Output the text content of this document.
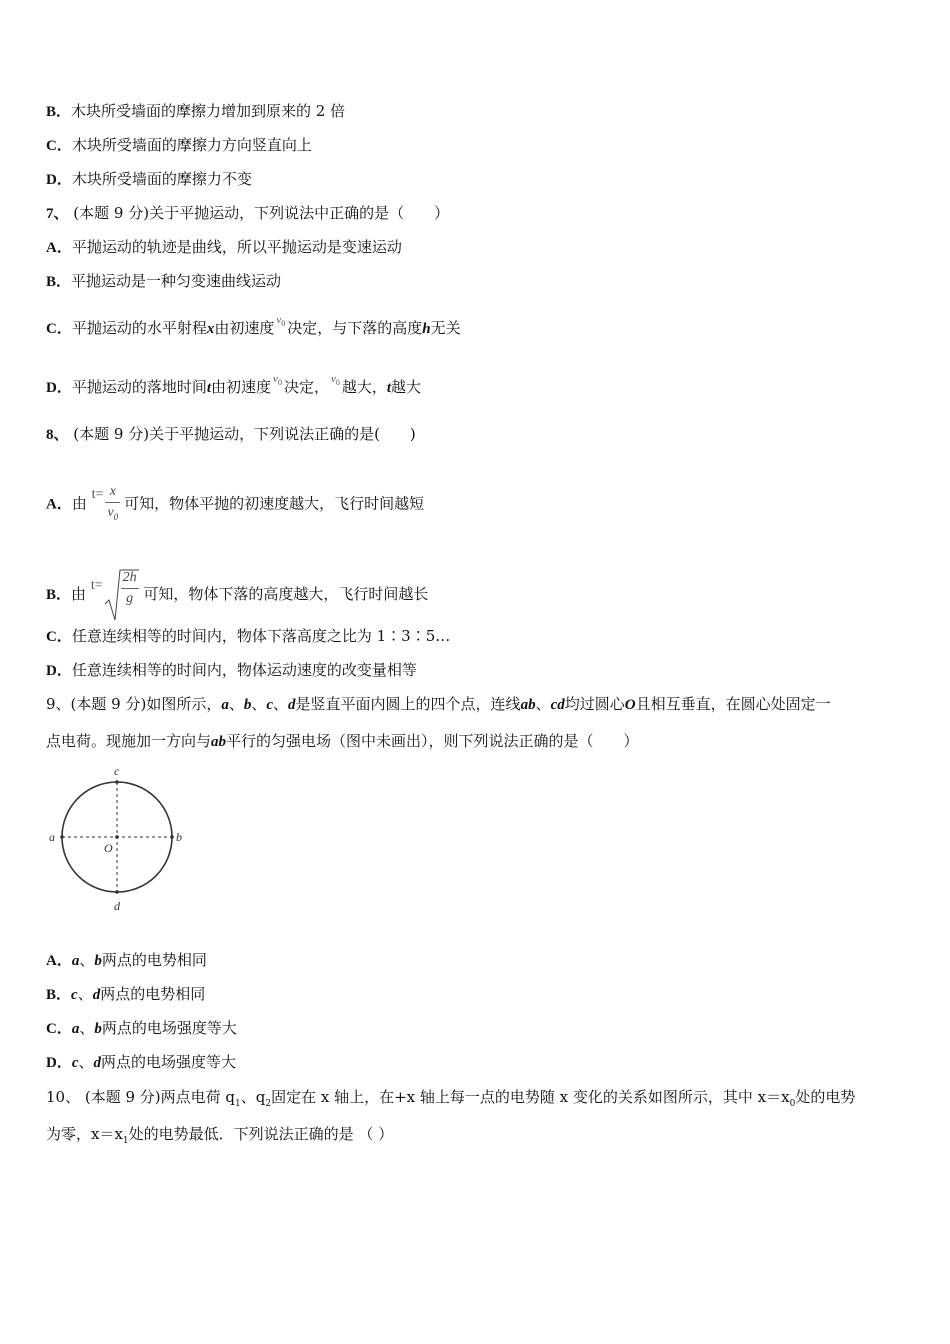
B．木块所受墙面的摩擦力增加到原来的 2 倍
C．木块所受墙面的摩擦力方向竖直向上
D．木块所受墙面的摩擦力不变
7、 (本题 9 分)关于平抛运动，下列说法中正确的是（　　）
A．平抛运动的轨迹是曲线，所以平抛运动是变速运动
B．平抛运动是一种匀变速曲线运动
C．平抛运动的水平射程x由初速度 $^{v_0}$ 决定，与下落的高度h无关
D．平抛运动的落地时间t由初速度 $^{v_0}$ 决定， $^{v_0}$ 越大，t越大
8、 (本题 9 分)关于平抛运动，下列说法正确的是(　　)
A．由 $t= \frac{x}{v_0}$ 可知，物体平抛的初速度越大，飞行时间越短
B．由 $t= \frac{2h}{g}$ 可知，物体下落的高度越大，飞行时间越长
C．任意连续相等的时间内，物体下落高度之比为 1∶3∶5…
D．任意连续相等的时间内，物体运动速度的改变量相等
9、(本题 9 分)如图所示，a、b、c、d是竖直平面内圆上的四个点，连线ab、cd均过圆心O且相互垂直，在圆心处固定一
点电荷。现施加一方向与ab平行的匀强电场（图中未画出），则下列说法正确的是（　　）
a	b
c
d
O
A．a、b两点的电势相同
B．c、d两点的电势相同
C．a、b两点的电场强度等大
D．c、d两点的电场强度等大
10、 (本题 9 分)两点电荷 $q_1$、$q_2$固定在 x 轴上，在+x 轴上每一点的电势随 x 变化的关系如图所示，其中 $x=x_0$处的电势
为零，$x=x_1$处的电势最低．下列说法正确的是 （ ）
